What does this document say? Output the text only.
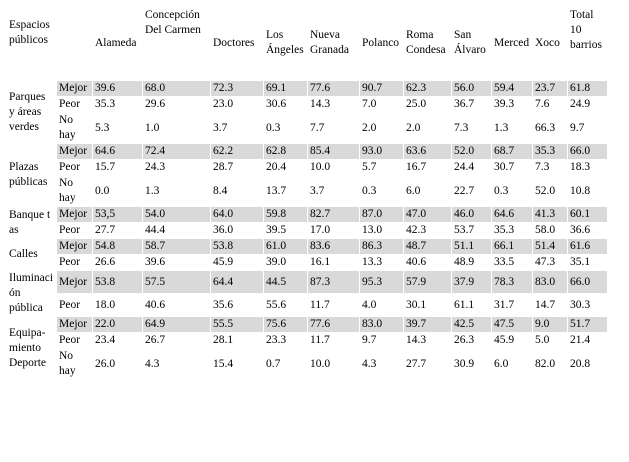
Espacios públicos		Alameda	Concepción Del Carmen	Doctores	Los Ángeles	Nueva Granada	Polanco	Roma Condesa	San Álvaro	Merced	Xoco	Total 10 barrios
Parques y áreas verdes	Mejor	39.6	68.0	72.3	69.1	77.6	90.7	62.3	56.0	59.4	23.7	61.8
	Peor	35.3	29.6	23.0	30.6	14.3	7.0	25.0	36.7	39.3	7.6	24.9
	No hay	5.3	1.0	3.7	0.3	7.7	2.0	2.0	7.3	1.3	66.3	9.7
Plazas públicas	Mejor	64.6	72.4	62.2	62.8	85.4	93.0	63.6	52.0	68.7	35.3	66.0
	Peor	15.7	24.3	28.7	20.4	10.0	5.7	16.7	24.4	30.7	7.3	18.3
	No hay	0.0	1.3	8.4	13.7	3.7	0.3	6.0	22.7	0.3	52.0	10.8
Banque t as	Mejor	53,5	54.0	64.0	59.8	82.7	87.0	47.0	46.0	64.6	41.3	60.1
	Peor	27.7	44.4	36.0	39.5	17.0	13.0	42.3	53.7	35.3	58.0	36.6
Calles	Mejor	54.8	58.7	53.8	61.0	83.6	86.3	48.7	51.1	66.1	51.4	61.6
	Peor	26.6	39.6	45.9	39.0	16.1	13.3	40.6	48.9	33.5	47.3	35.1
Iluminación pública	Mejor	53.8	57.5	64.4	44.5	87.3	95.3	57.9	37.9	78.3	83.0	66.0
	Peor	18.0	40.6	35.6	55.6	11.7	4.0	30.1	61.1	31.7	14.7	30.3
Equipa-miento Deporte	Mejor	22.0	64.9	55.5	75.6	77.6	83.0	39.7	42.5	47.5	9.0	51.7
	Peor	23.4	26.7	28.1	23.3	11.7	9.7	14.3	26.3	45.9	5.0	21.4
	No hay	26.0	4.3	15.4	0.7	10.0	4.3	27.7	30.9	6.0	82.0	20.8
